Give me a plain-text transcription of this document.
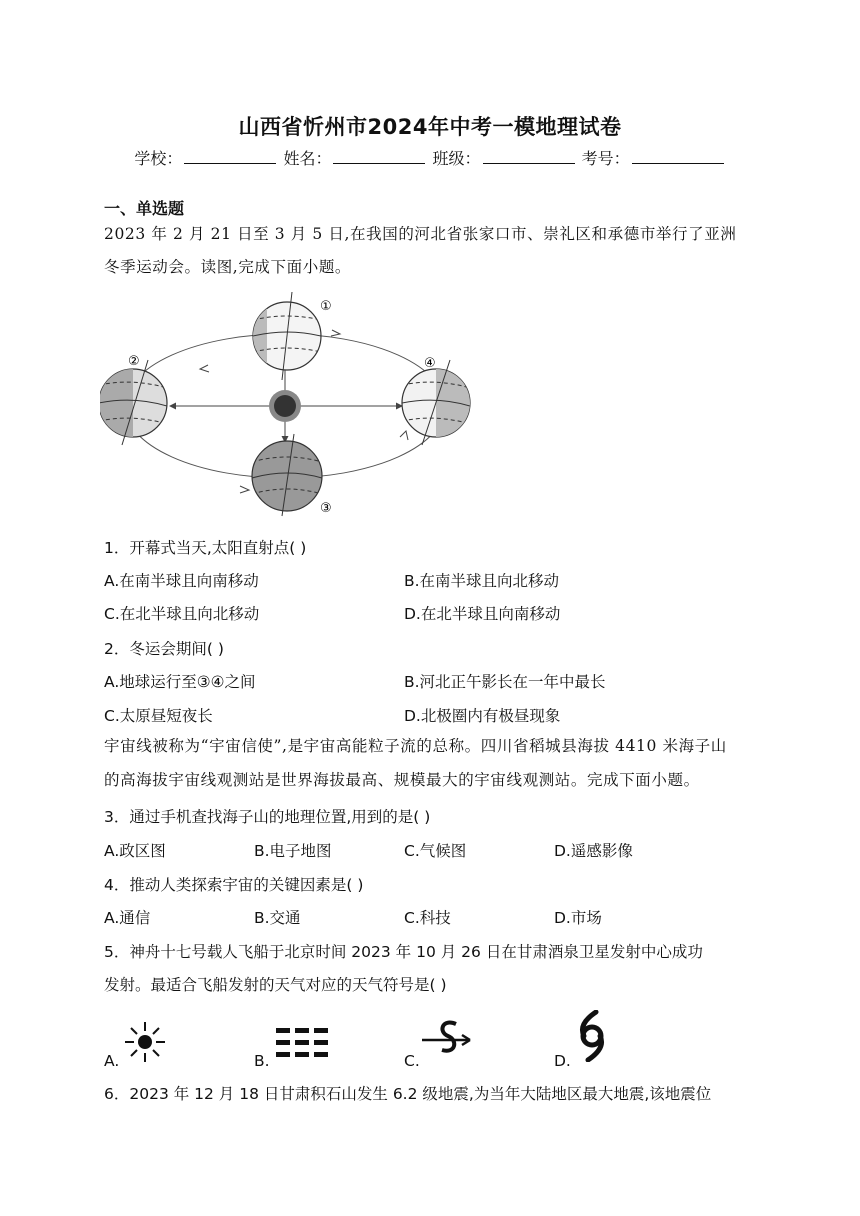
山西省忻州市2024年中考一模地理试卷
学校：	姓名：	班级：	考号：
一、单选题
2023 年 2 月 21 日至 3 月 5 日,在我国的河北省张家口市、崇礼区和承德市举行了亚洲
冬季运动会。读图,完成下面小题。
①
②
③
④
1．开幕式当天,太阳直射点( )
A.在南半球且向南移动	B.在南半球且向北移动
C.在北半球且向北移动	D.在北半球且向南移动
2．冬运会期间( )
A.地球运行至③④之间	B.河北正午影长在一年中最长
C.太原昼短夜长	D.北极圈内有极昼现象
宇宙线被称为“宇宙信使”,是宇宙高能粒子流的总称。四川省稻城县海拔 4410 米海子山
的高海拔宇宙线观测站是世界海拔最高、规模最大的宇宙线观测站。完成下面小题。
3．通过手机查找海子山的地理位置,用到的是( )
A.政区图	B.电子地图	C.气候图	D.遥感影像
4．推动人类探索宇宙的关键因素是( )
A.通信	B.交通	C.科技	D.市场
5．神舟十七号载人飞船于北京时间 2023 年 10 月 26 日在甘肃酒泉卫星发射中心成功
发射。最适合飞船发射的天气对应的天气符号是( )
A.	B.	C.	D.
6．2023 年 12 月 18 日甘肃积石山发生 6.2 级地震,为当年大陆地区最大地震,该地震位
